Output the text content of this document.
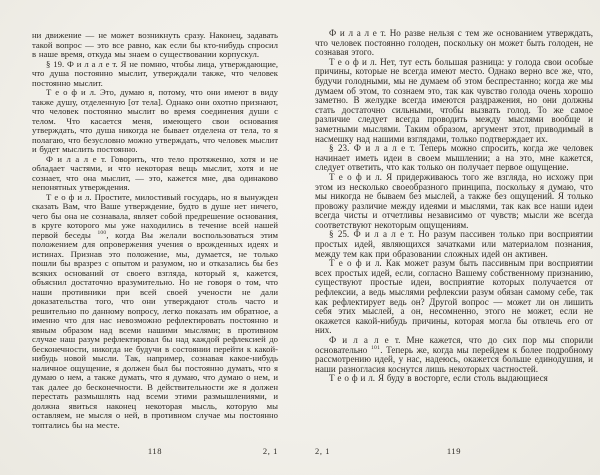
ни движение — не может возникнуть сразу. Наконец, задавать такой вопрос — это все равно, как если бы кто-нибудь спросил в наше время, откуда мы знаем о существовании корпускул.

§ 19. Ф и л а л е т. Я не помню, чтобы лица, утверждающие, что душа постоянно мыслит, утверждали также, что человек постоянно мыслит.

Т е о ф и л. Это, думаю я, потому, что они имеют в виду также душу, отделенную [от тела]. Однако они охотно признают, что человек постоянно мыслит во время соединения души с телом. Что касается меня, имеющего свои основания утверждать, что душа никогда не бывает отделена от тела, то я полагаю, что безусловно можно утверждать, что человек мыслит и будет мыслить постоянно.

Ф и л а л е т. Говорить, что тело протяженно, хотя и не обладает частями, и что некоторая вещь мыслит, хотя и не сознает, что она мыслит, — это, кажется мне, два одинаково непонятных утверждения.

Т е о ф и л. Простите, милостивый государь, но я вынужден сказать Вам, что Ваше утверждение, будто в душе нет ничего, чего бы она не сознавала, являет собой предрешение основания, в круге которого мы уже находились в течение всей нашей первой беседы $^{100}$, когда Вы желали воспользоваться этим положением для опровержения учения о врожденных идеях и истинах. Признав это положение, мы, думается, не только пошли бы вразрез с опытом и разумом, но и отказались бы без всяких оснований от своего взгляда, который я, кажется, объяснил достаточно вразумительно. Но не говоря о том, что наши противники при всей своей учености не дали доказательства того, что они утверждают столь часто и решительно по данному вопросу, легко показать им обратное, а именно что для нас невозможно рефлектировать постоянно и явным образом над всеми нашими мыслями; в противном случае наш разум рефлектировал бы над каждой рефлексией до бесконечности, никогда не будучи в состоянии перейти к какой-нибудь новой мысли. Так, например, сознавая какое-нибудь наличное ощущение, я должен был бы постоянно думать, что я думаю о нем, а также думать, что я думаю, что думаю о нем, и так далее до бесконечности. В действительности же я должен перестать размышлять над всеми этими размышлениями, и должна явиться наконец некоторая мысль, которую мы оставляем, не мысля о ней, в противном случае мы постоянно топтались бы на месте.

Ф и л а л е т. Но разве нельзя с тем же основанием утверждать, что человек постоянно голоден, поскольку он может быть голоден, не сознавая этого.

Т е о ф и л. Нет, тут есть большая разница: у голода свои особые причины, которые не всегда имеют место. Однако верно все же, что, будучи голодными, мы не думаем об этом беспрестанно; когда же мы думаем об этом, то сознаем это, так как чувство голода очень хорошо заметно. В желудке всегда имеются раздражения, но они должны стать достаточно сильными, чтобы вызвать голод. То же самое различие следует всегда проводить между мыслями вообще и заметными мыслями. Таким образом, аргумент этот, приводимый в насмешку над нашими взглядами, только подтверждает их.

§ 23. Ф и л а л е т. Теперь можно спросить, когда же человек начинает иметь идеи в своем мышлении; а на это, мне кажется, следует ответить, что как только он получает первое ощущение.

Т е о ф и л. Я придерживаюсь того же взгляда, но исхожу при этом из несколько своеобразного принципа, поскольку я думаю, что мы никогда не бываем без мыслей, а также без ощущений. Я только провожу различие между идеями и мыслями, так как все наши идеи всегда чисты и отчетливы независимо от чувств; мысли же всегда соответствуют некоторым ощущениям.

§ 25. Ф и л а л е т. Но разум пассивен только при восприятии простых идей, являющихся зачатками или материалом познания, между тем как при образовании сложных идей он активен.

Т е о ф и л. Как может разум быть пассивным при восприятии всех простых идей, если, согласно Вашему собственному признанию, существуют простые идеи, восприятие которых получается от рефлексии, а ведь мыслями рефлексии разум обязан самому себе, так как рефлектирует ведь он? Другой вопрос — может ли он лишить себя этих мыслей, а он, несомненно, этого не может, если не окажется какой-нибудь причины, которая могла бы отвлечь его от них.

Ф и л а л е т. Мне кажется, что до сих пор мы спорили основательно $^{101}$. Теперь же, когда мы перейдем к более подробному рассмотрению идей, у нас, надеюсь, окажется больше единодушия, и наши разногласия коснутся лишь некоторых частностей.

Т е о ф и л. Я буду в восторге, если столь выдающиеся

118	2, 1	2, 1	119
